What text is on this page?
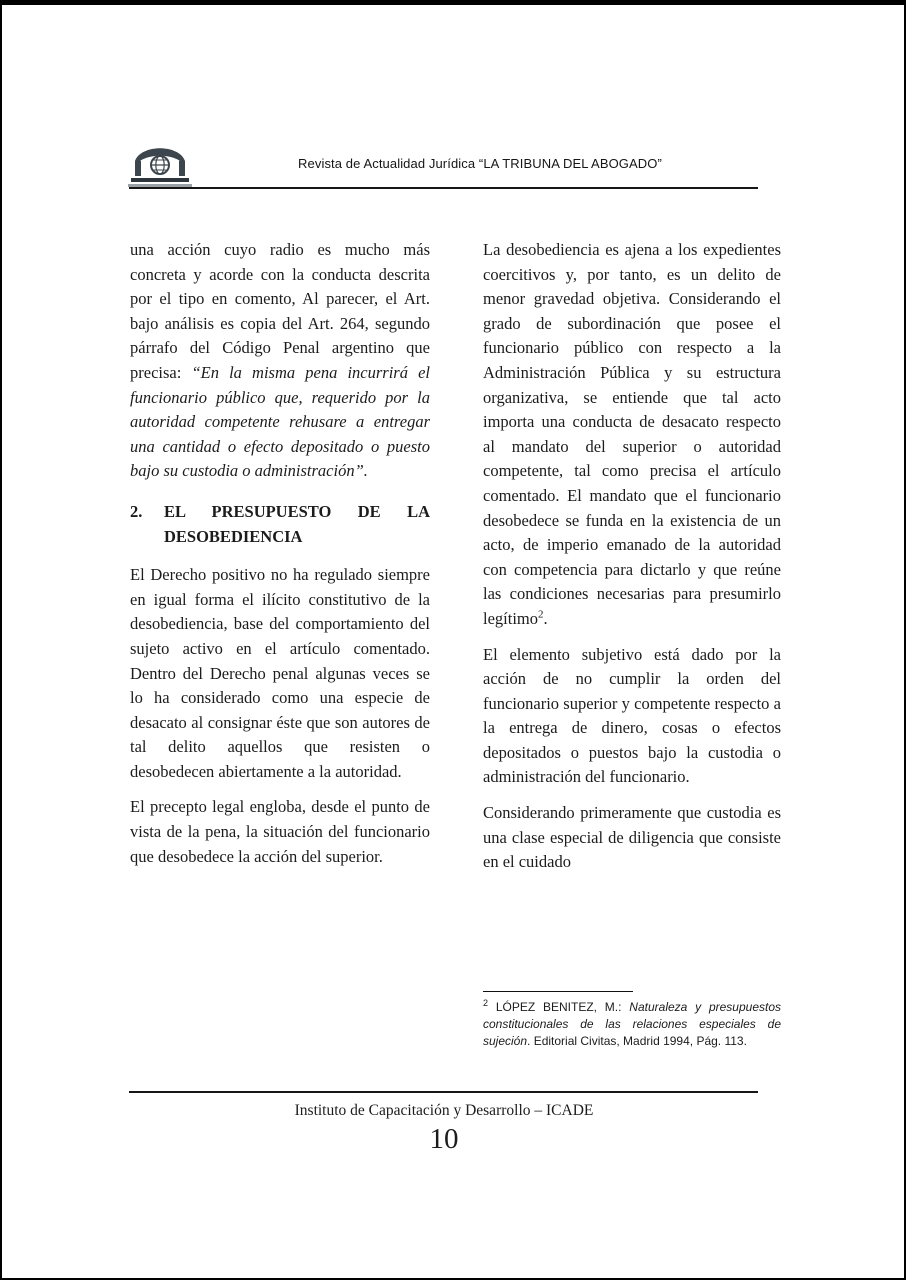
Revista de Actualidad Jurídica “LA TRIBUNA DEL ABOGADO”

una acción cuyo radio es mucho más concreta y acorde con la conducta descrita por el tipo en comento, Al parecer, el Art. bajo análisis es copia del Art. 264, segundo párrafo del Código Penal argentino que precisa: “En la misma pena incurrirá el funcionario público que, requerido por la autoridad competente rehusare a entregar una cantidad o efecto depositado o puesto bajo su custodia o administración”.

2.	EL PRESUPUESTO DE LA DESOBEDIENCIA

El Derecho positivo no ha regulado siempre en igual forma el ilícito constitutivo de la desobediencia, base del comportamiento del sujeto activo en el artículo comentado. Dentro del Derecho penal algunas veces se lo ha considerado como una especie de desacato al consignar éste que son autores de tal delito aquellos que resisten o desobedecen abiertamente a la autoridad.

El precepto legal engloba, desde el punto de vista de la pena, la situación del funcionario que desobedece la acción del superior.

La desobediencia es ajena a los expedientes coercitivos y, por tanto, es un delito de menor gravedad objetiva. Considerando el grado de subordinación que posee el funcionario público con respecto a la Administración Pública y su estructura organizativa, se entiende que tal acto importa una conducta de desacato respecto al mandato del superior o autoridad competente, tal como precisa el artículo comentado. El mandato que el funcionario desobedece se funda en la existencia de un acto, de imperio emanado de la autoridad con competencia para dictarlo y que reúne las condiciones necesarias para presumirlo legítimo$^2$.

El elemento subjetivo está dado por la acción de no cumplir la orden del funcionario superior y competente respecto a la entrega de dinero, cosas o efectos depositados o puestos bajo la custodia o administración del funcionario.

Considerando primeramente que custodia es una clase especial de diligencia que consiste en el cuidado

$^2$ LÓPEZ BENITEZ, M.: Naturaleza y presupuestos constitucionales de las relaciones especiales de sujeción. Editorial Civitas, Madrid 1994, Pág. 113.

Instituto de Capacitación y Desarrollo – ICADE
10
